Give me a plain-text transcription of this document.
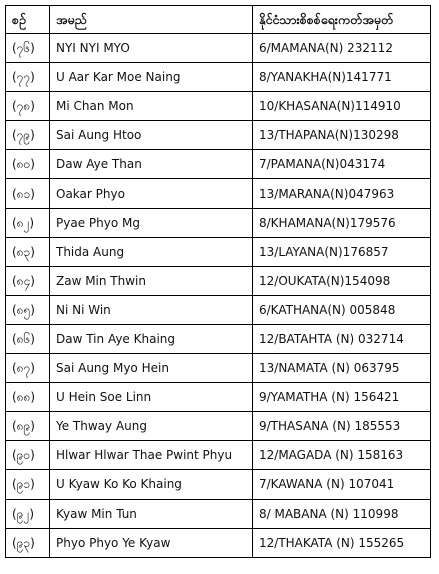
စဉ်	အမည်	နိုင်ငံသားစိစစ်ရေးကတ်အမှတ်
(၇၆)	NYI NYI MYO	6/MAMANA(N) 232112
(၇၇)	U Aar Kar Moe Naing	8/YANAKHA(N)141771
(၇၈)	Mi Chan Mon	10/KHASANA(N)114910
(၇၉)	Sai Aung Htoo	13/THAPANA(N)130298
(၈၀)	Daw Aye Than	7/PAMANA(N)043174
(၈၁)	Oakar Phyo	13/MARANA(N)047963
(၈၂)	Pyae Phyo Mg	8/KHAMANA(N)179576
(၈၃)	Thida Aung	13/LAYANA(N)176857
(၈၄)	Zaw Min Thwin	12/OUKATA(N)154098
(၈၅)	Ni Ni Win	6/KATHANA(N) 005848
(၈၆)	Daw Tin Aye Khaing	12/BATAHTA (N) 032714
(၈၇)	Sai Aung Myo Hein	13/NAMATA (N) 063795
(၈၈)	U Hein Soe Linn	9/YAMATHA (N) 156421
(၈၉)	Ye Thway Aung	9/THASANA (N) 185553
(၉၀)	Hlwar Hlwar Thae Pwint Phyu	12/MAGADA (N) 158163
(၉၁)	U Kyaw Ko Ko Khaing	7/KAWANA (N) 107041
(၉၂)	Kyaw Min Tun	8/ MABANA (N) 110998
(၉၃)	Phyo Phyo Ye Kyaw	12/THAKATA (N) 155265
